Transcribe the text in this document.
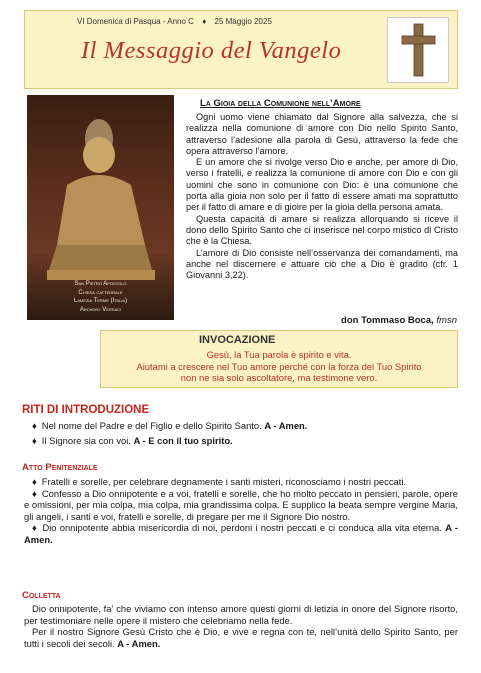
VI Domenica di Pasqua - Anno C ♦ 25 Maggio 2025
Il Messaggio del Vangelo
San Pietro Apostolo
Chiesa cattedrale
Lamezia Terme (Italia)
Archivio Versaci
La Gioia della Comunione nell’Amore

Ogni uomo viene chiamato dal Signore alla salvezza, che si realizza nella comunione di amore con Dio nello Spirito Santo, attraverso l’adesione alla parola di Gesù, attraverso la fede che opera attraverso l’amore.

E un amore che si rivolge verso Dio e anche, per amore di Dio, verso i fratelli, e realizza la comunione di amore con Dio e con gli uomini che sono in comunione con Dio: è una comunione che porta alla gioia non solo per il fatto di essere amati ma soprattutto per il fatto di amare e di gioire per la gioia della persona amata.

Questa capacità di amare si realizza allorquando si riceve il dono dello Spirito Santo che ci inserisce nel corpo mistico di Cristo che è la Chiesa.

L’amore di Dio consiste nell’osservanza dei comandamenti, ma anche nel discernere e attuare ciò che a Dio è gradito (cfr. 1 Giovanni 3,22).

don Tommaso Boca, fmsn
INVOCAZIONE
Gesù, la Tua parola è spirito e vita.
Aiutami a crescere nel Tuo amore perché con la forza del Tuo Spirito
non ne sia solo ascoltatore, ma testimone vero.
RITI DI INTRODUZIONE

♦ Nel nome del Padre e del Figlio e dello Spirito Santo. A - Amen.

♦ Il Signore sia con voi. A - E con il tuo spirito.

Atto Penitenziale

♦ Fratelli e sorelle, per celebrare degnamente i santi misteri, riconosciamo i nostri peccati.

♦ Confesso a Dio onnipotente e a voi, fratelli e sorelle, che ho molto peccato in pensieri, parole, opere e omissioni, per mia colpa, mia colpa, mia grandissima colpa. E supplico la beata sempre vergine Maria, gli angeli, i santi e voi, fratelli e sorelle, di pregare per me il Signore Dio nostro.

♦ Dio onnipotente abbia misericordia di noi, perdoni i nostri peccati e ci conduca alla vita eterna. A - Amen.

Colletta

Dio onnipotente, fa’ che viviamo con intenso amore questi giorni di letizia in onore del Signore risorto, per testimoniare nelle opere il mistero che celebriamo nella fede.

Per il nostro Signore Gesù Cristo che è Dio, e vive e regna con te, nell’unità dello Spirito Santo, per tutti i secoli dei secoli. A - Amen.
